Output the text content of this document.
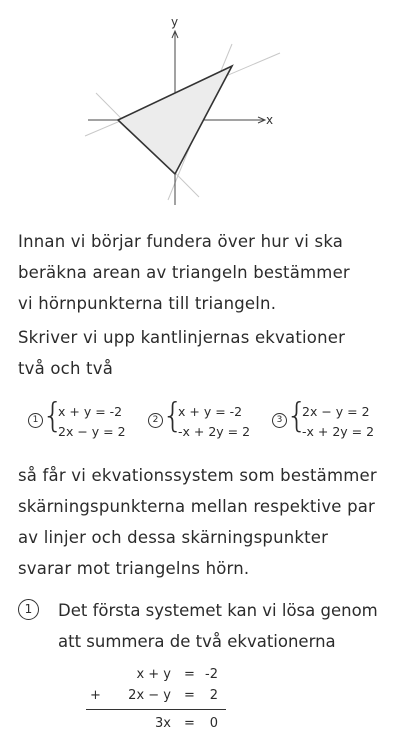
y
x
Innan vi börjar fundera över hur vi ska
beräkna arean av triangeln bestämmer
vi hörnpunkterna till triangeln.
Skriver vi upp kantlinjernas ekvationer
två och två
1 {
x + y = -2
2x − y = 2
2 {
x + y = -2
-x + 2y = 2
3 {
2x − y = 2
-x + 2y = 2
så får vi ekvationssystem som bestämmer
skärningspunkterna mellan respektive par
av linjer och dessa skärningspunkter
svarar mot triangelns hörn.
1	Det första systemet kan vi lösa genom
att summera de två ekvationerna
x + y = -2
+ 2x − y = 2
3x = 0
